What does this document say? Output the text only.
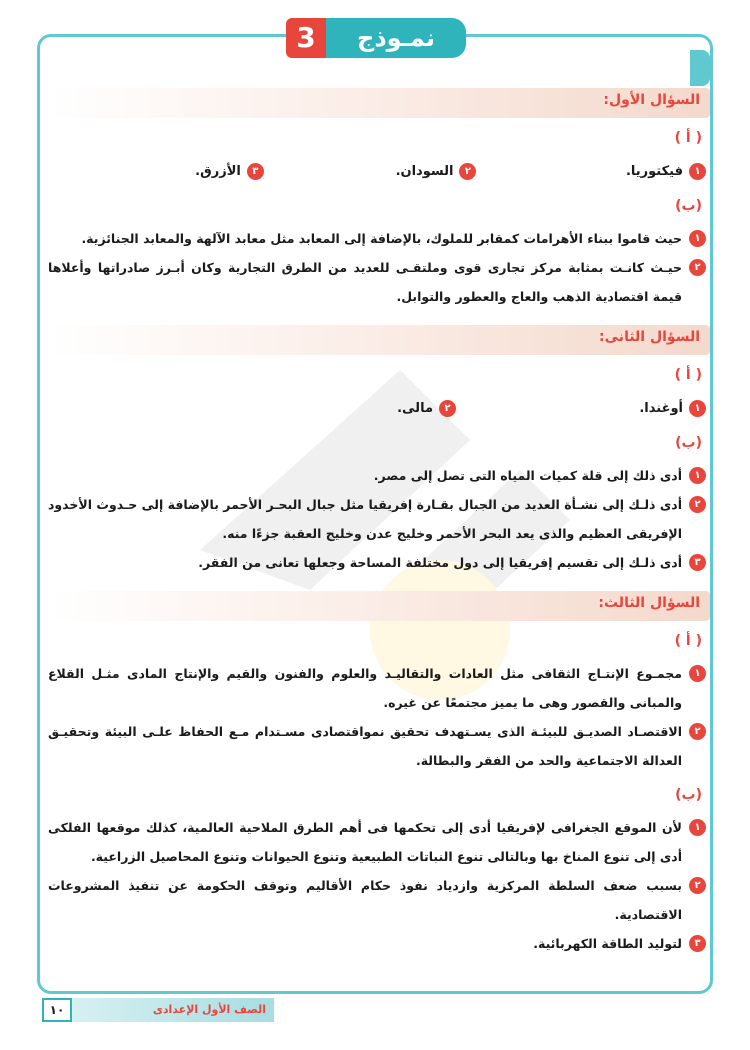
3	نمـوذج
السؤال الأول:
( أ )
١
فيكتوريا.
٢
السودان.
٣
الأزرق.
(ب)
١
حيث قاموا ببناء الأهرامات كمقابر للملوك، بالإضافة إلى المعابد مثل معابد الآلهة والمعابد الجنائزية.
٢
حيـث كانـت بمثابة مركز تجارى قوى وملتقـى للعديد من الطرق التجارية وكان أبـرز صادراتها وأعلاها قيمة اقتصادية الذهب والعاج والعطور والتوابل.
السؤال الثانى:
( أ )
١
أوغندا.
٢
مالى.
(ب)
١
أدى ذلك إلى قلة كميات المياه التى تصل إلى مصر.
٢
أدى ذلـك إلى نشـأة العديد من الجبال بقـارة إفريقيا مثل جبال البحـر الأحمر بالإضافة إلى حـدوث الأخدود الإفريقى العظيم والذى يعد البحر الأحمر وخليج عدن وخليج العقبة جزءًا منه.
٣
أدى ذلـك إلى تقسيم إفريقيا إلى دول مختلفة المساحة وجعلها تعانى من الفقر.
السؤال الثالث:
( أ )
١
مجمـوع الإنتـاج الثقافى مثل العادات والتقاليـد والعلوم والفنون والقيم والإنتاج المادى مثـل القلاع والمبانى والقصور وهى ما يميز مجتمعًا عن غيره.
٢
الاقتصـاد الصديـق للبيئـة الذى يسـتهدف تحقيق نمواقتصادى مسـتدام مـع الحفاظ علـى البيئة وتحقيـق العدالة الاجتماعية والحد من الفقر والبطالة.
(ب)
١
لأن الموقع الجغرافى لإفريقيا أدى إلى تحكمها فى أهم الطرق الملاحية العالمية، كذلك موقعها الفلكى أدى إلى تنوع المناخ بها وبالتالى تنوع النباتات الطبيعية وتنوع الحيوانات وتنوع المحاصيل الزراعية.
٢
بسبب ضعف السلطة المركزية وازدياد نفوذ حكام الأقاليم وتوقف الحكومة عن تنفيذ المشروعات الاقتصادية.
٣
لتوليد الطاقة الكهربائية.
١٠	الصف الأول الإعدادى
